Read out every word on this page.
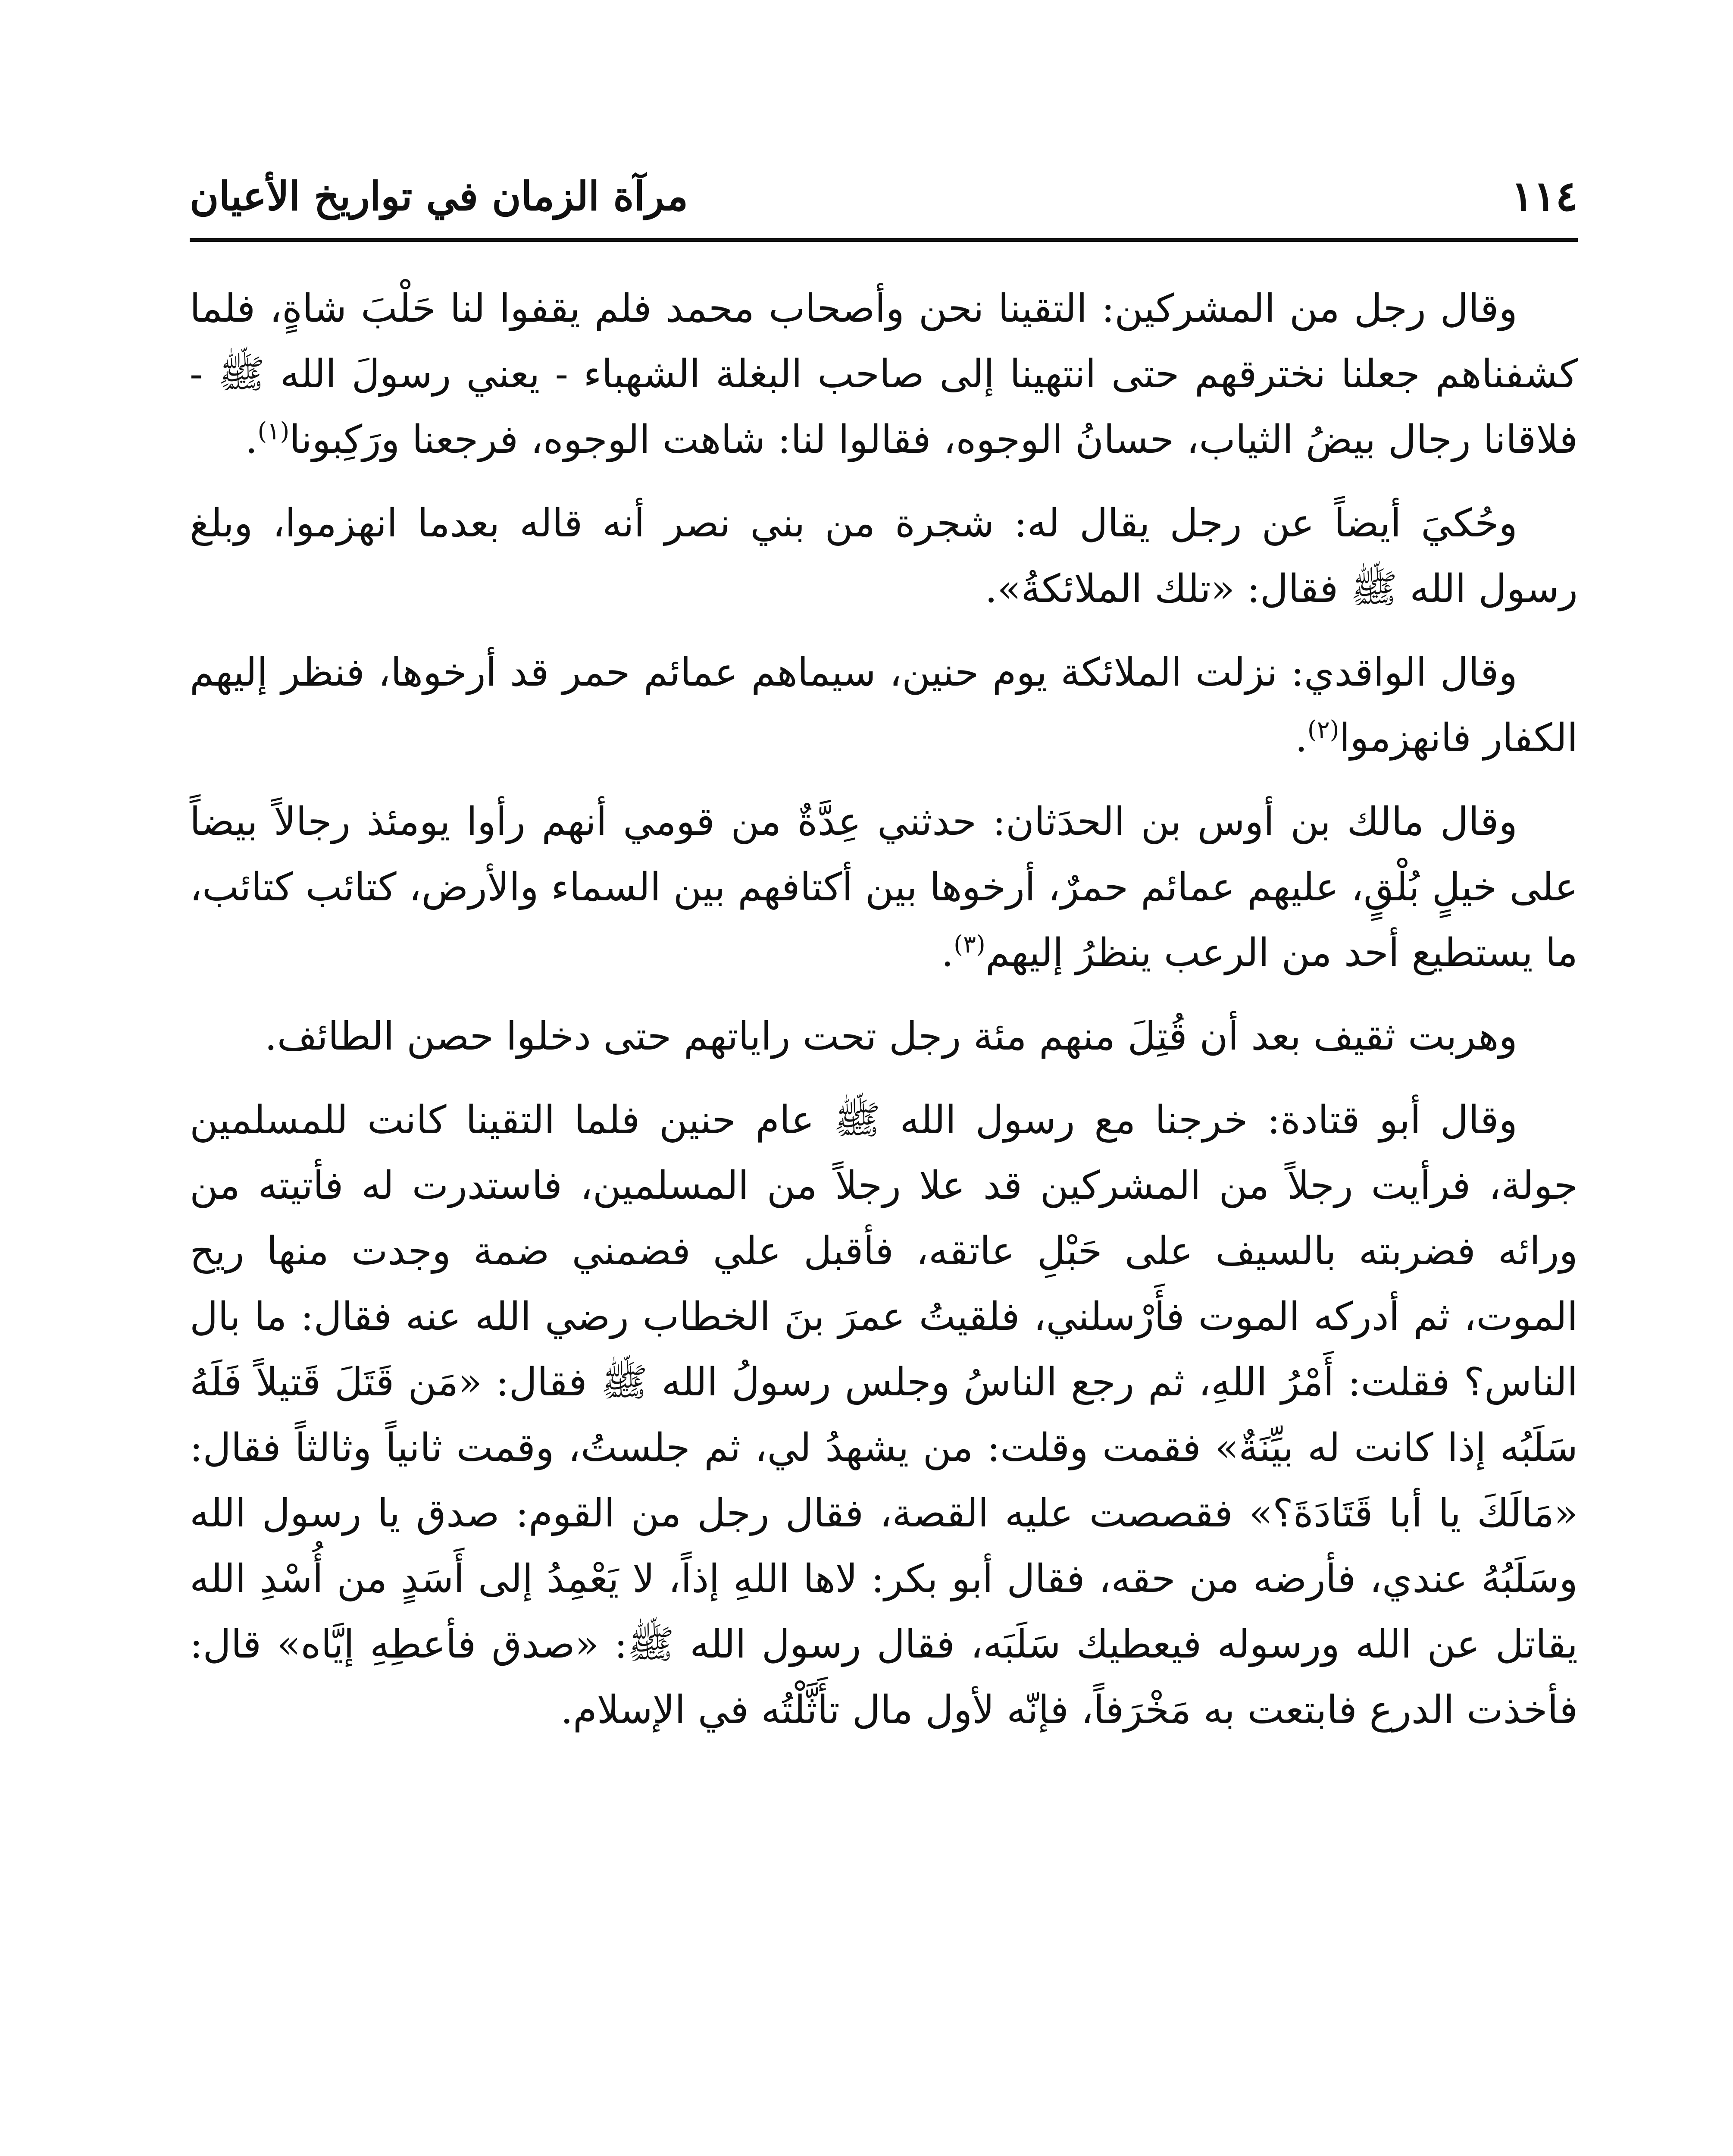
١١٤
مرآة الزمان في تواريخ الأعيان

وقال رجل من المشركين: التقينا نحن وأصحاب محمد فلم يقفوا لنا حَلْبَ شاةٍ، فلما كشفناهم جعلنا نخترقهم حتى انتهينا إلى صاحب البغلة الشهباء - يعني رسولَ الله ﷺ - فلاقانا رجال بيضُ الثياب، حسانُ الوجوه، فقالوا لنا: شاهت الوجوه، فرجعنا ورَكِبونا$^{(١)}$.

وحُكيَ أيضاً عن رجل يقال له: شجرة من بني نصر أنه قاله بعدما انهزموا، وبلغ رسول الله ﷺ فقال: «تلك الملائكةُ».

وقال الواقدي: نزلت الملائكة يوم حنين، سيماهم عمائم حمر قد أرخوها، فنظر إليهم الكفار فانهزموا$^{(٢)}$.

وقال مالك بن أوس بن الحدَثان: حدثني عِدَّةٌ من قومي أنهم رأوا يومئذ رجالاً بيضاً على خيلٍ بُلْقٍ، عليهم عمائم حمرٌ، أرخوها بين أكتافهم بين السماء والأرض، كتائب كتائب، ما يستطيع أحد من الرعب ينظرُ إليهم$^{(٣)}$.

وهربت ثقيف بعد أن قُتِلَ منهم مئة رجل تحت راياتهم حتى دخلوا حصن الطائف.

وقال أبو قتادة: خرجنا مع رسول الله ﷺ عام حنين فلما التقينا كانت للمسلمين جولة، فرأيت رجلاً من المشركين قد علا رجلاً من المسلمين، فاستدرت له فأتيته من ورائه فضربته بالسيف على حَبْلِ عاتقه، فأقبل علي فضمني ضمة وجدت منها ريح الموت، ثم أدركه الموت فأَرْسلني، فلقيتُ عمرَ بنَ الخطاب رضي الله عنه فقال: ما بال الناس؟ فقلت: أَمْرُ اللهِ، ثم رجع الناسُ وجلس رسولُ الله ﷺ فقال: «مَن قَتَلَ قَتيلاً فَلَهُ سَلَبُه إذا كانت له بيِّنَةٌ» فقمت وقلت: من يشهدُ لي، ثم جلستُ، وقمت ثانياً وثالثاً فقال: «مَالَكَ يا أبا قَتَادَةَ؟» فقصصت عليه القصة، فقال رجل من القوم: صدق يا رسول الله وسَلَبُهُ عندي، فأرضه من حقه، فقال أبو بكر: لاها اللهِ إذاً، لا يَعْمِدُ إلى أَسَدٍ من أُسْدِ الله يقاتل عن الله ورسوله فيعطيك سَلَبَه، فقال رسول الله ﷺ: «صدق فأعطِهِ إيَّاه» قال: فأخذت الدرع فابتعت به مَخْرَفاً، فإنّه لأول مال تأَثَّلْتُه في الإسلام.
